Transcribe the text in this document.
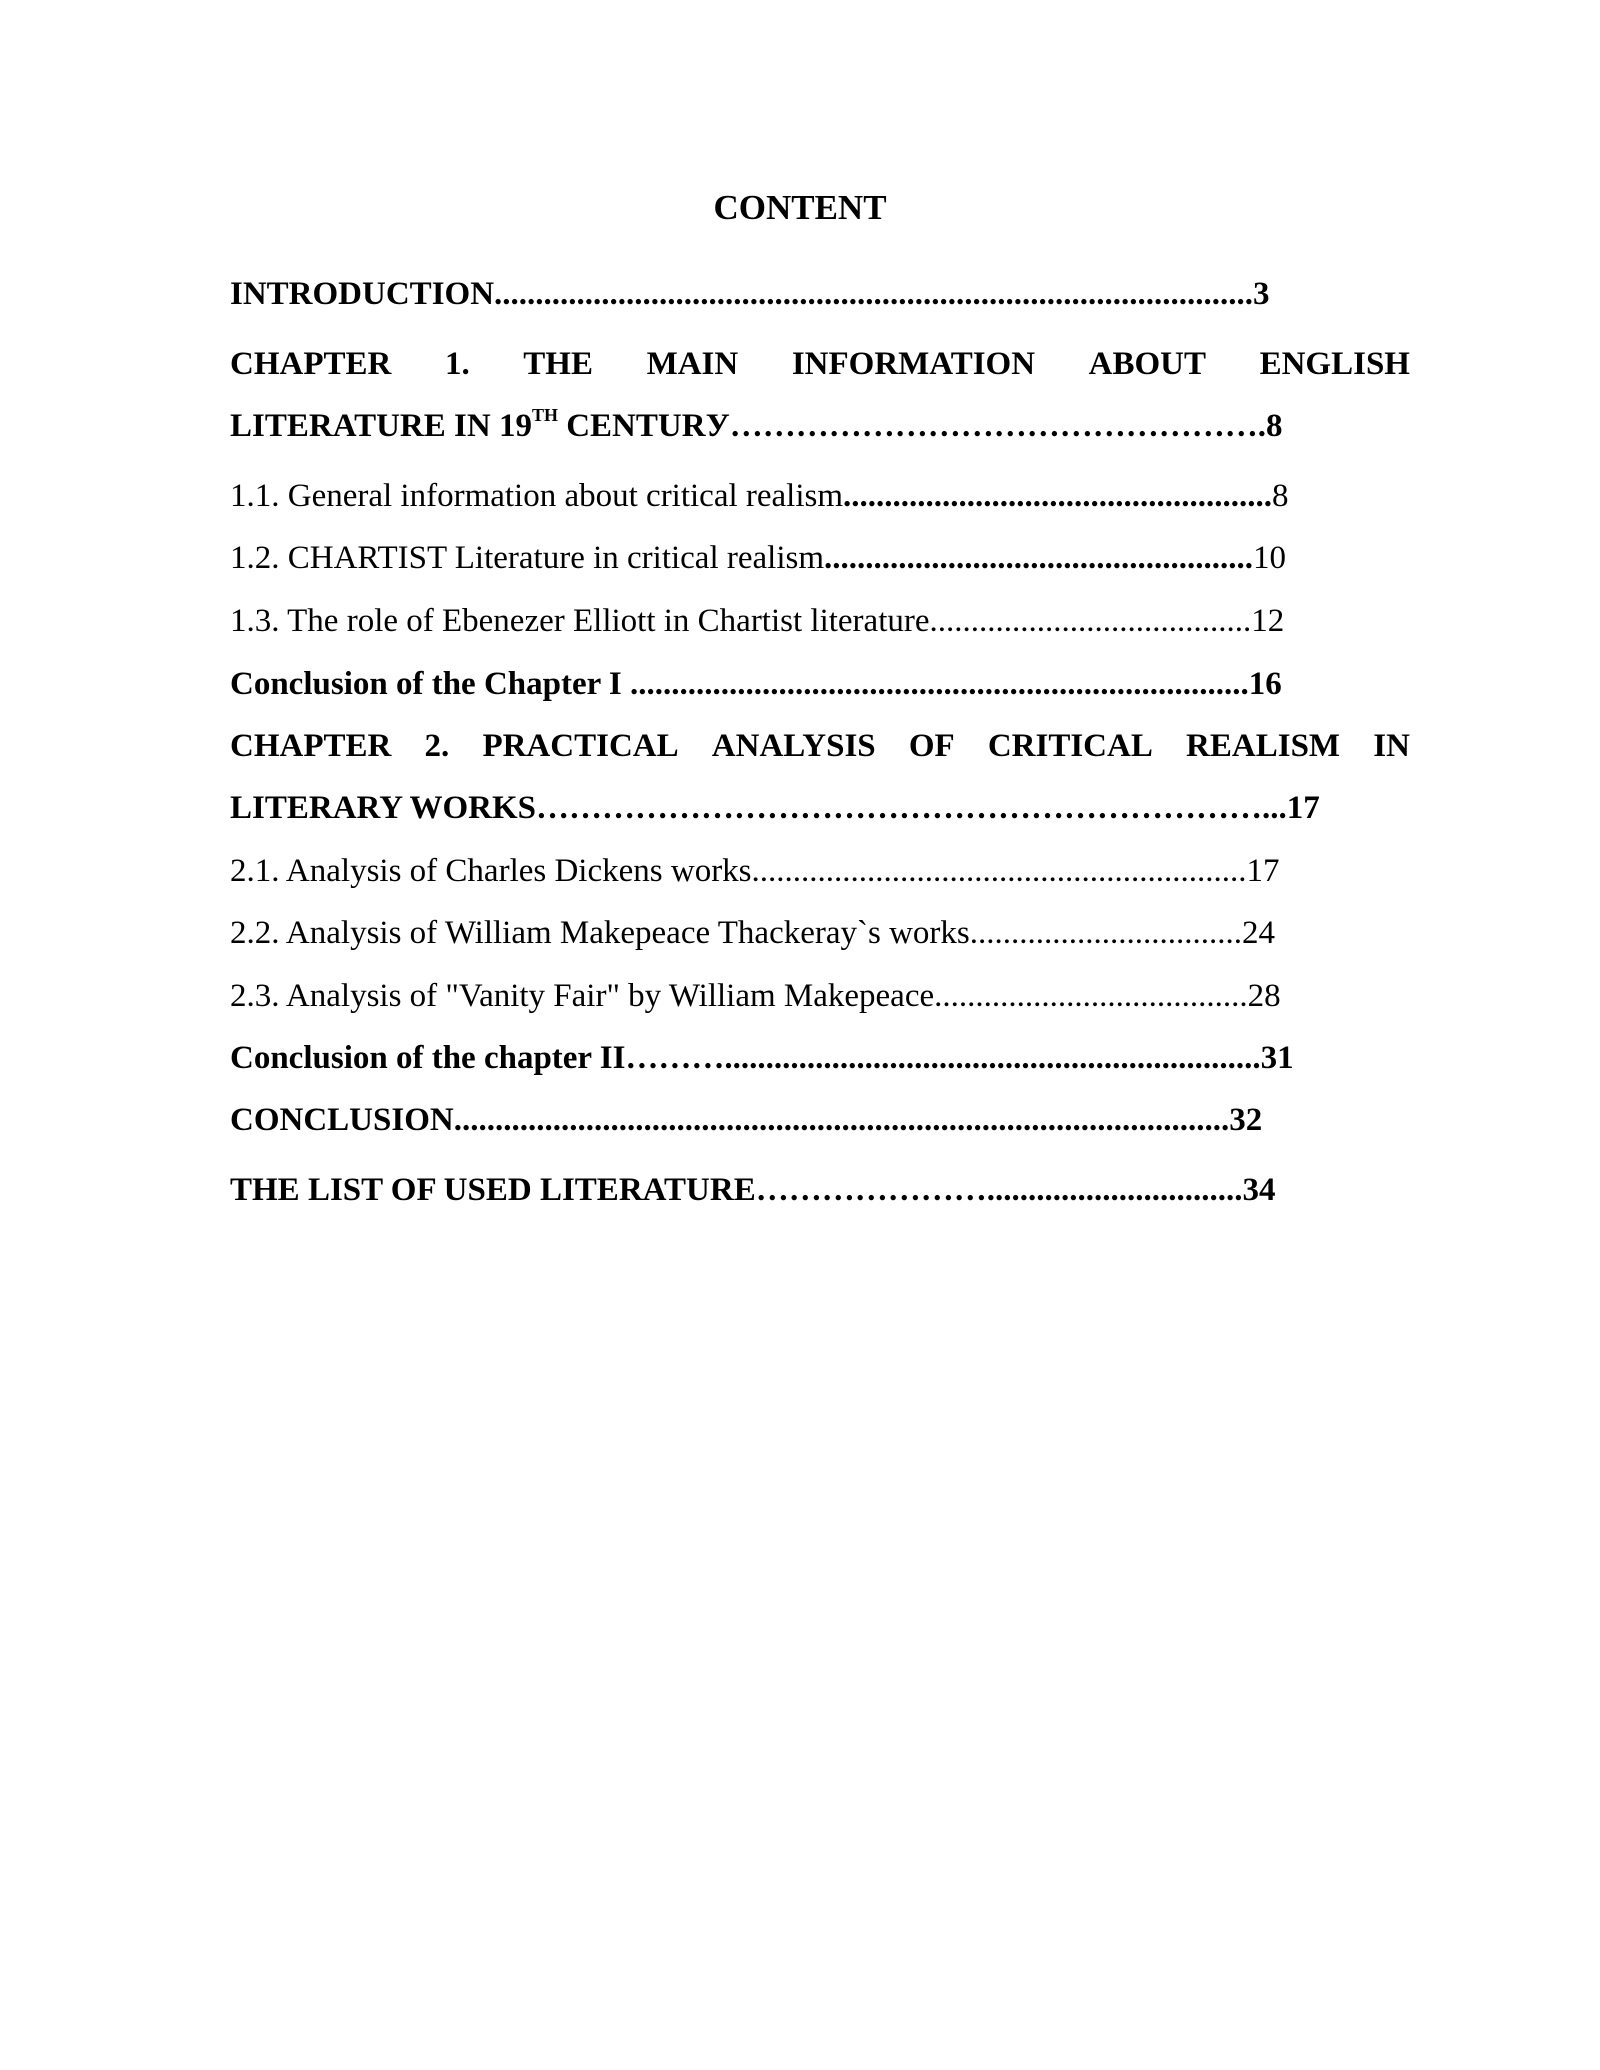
CONTENT
INTRODUCTION............................................................................................3
CHAPTER 1. THE MAIN INFORMATION ABOUT ENGLISH
LITERATURE IN 19TH CENTURУ………………………………………….8
1.1. General information about critical realism....................................................8
1.2. CHARTIST Literature in critical realism....................................................10
1.3. The role of Ebenezer Elliott in Chartist literature.......................................12
Conclusion of the Chapter I ...........................................................................16
CHAPTER 2. PRACTICAL ANALYSIS OF CRITICAL REALISM IN
LITERARY WORKS…………………………………………………………...17
2.1. Analysis of Charles Dickens works............................................................17
2.2. Analysis of William Makepeace Thackeray`s works.................................24
2.3. Analysis of "Vanity Fair" by William Makepeace......................................28
Conclusion of the chapter II……….................................................................31
CONCLUSION..............................................................................................32
THE LIST OF USED LITERATURE…………………...............................34
